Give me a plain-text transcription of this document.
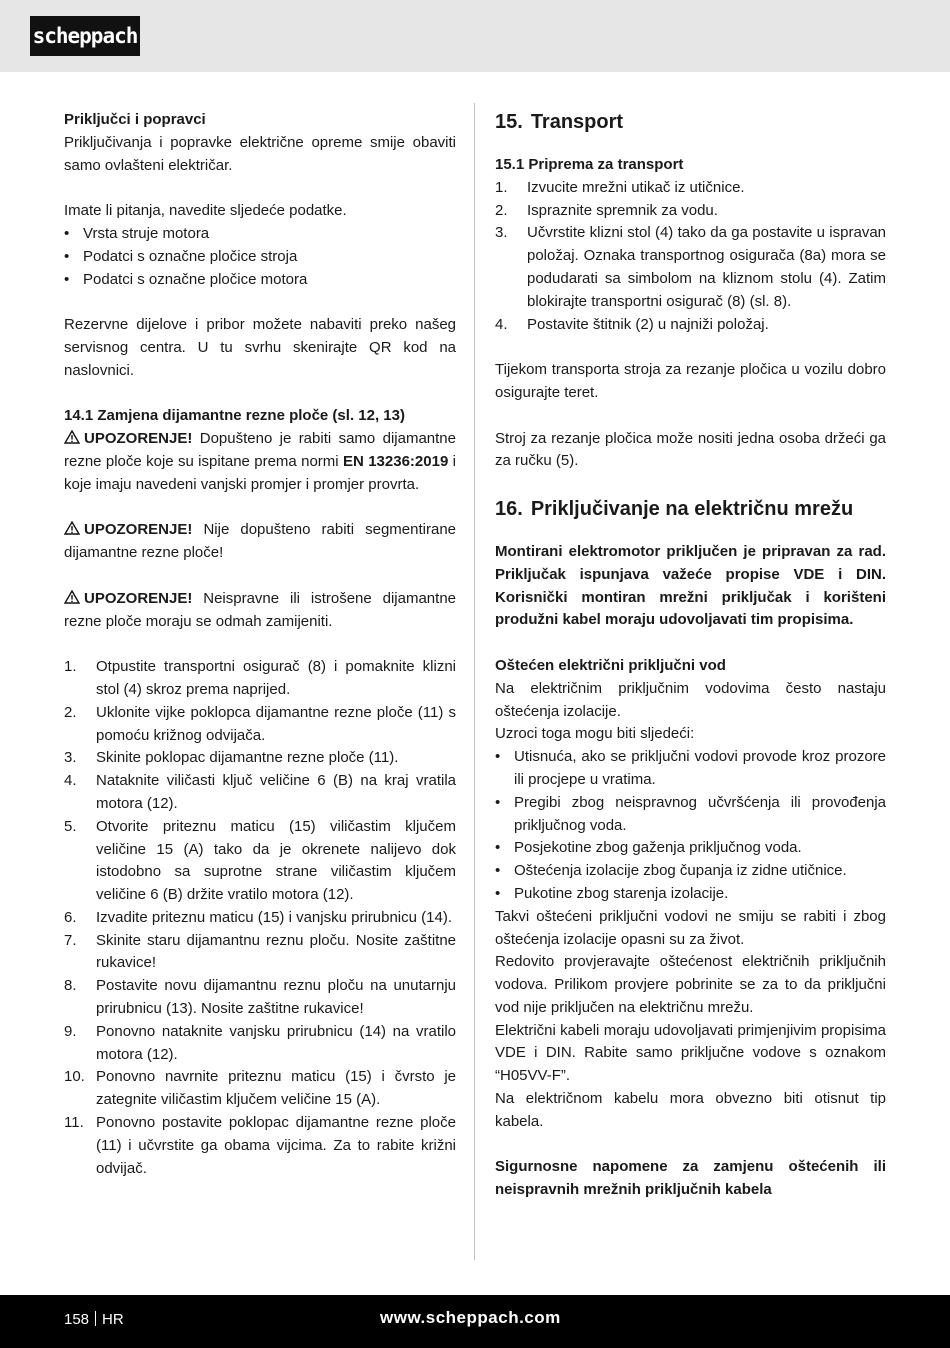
scheppach

Priključci i popravci

Priključivanja i popravke električne opreme smije obaviti samo ovlašteni električar.

Imate li pitanja, navedite sljedeće podatke.

• Vrsta struje motora
• Podatci s označne pločice stroja
• Podatci s označne pločice motora

Rezervne dijelove i pribor možete nabaviti preko našeg servisnog centra. U tu svrhu skenirajte QR kod na naslovnici.

14.1 Zamjena dijamantne rezne ploče (sl. 12, 13)

UPOZORENJE! Dopušteno je rabiti samo dijamantne rezne ploče koje su ispitane prema normi EN 13236:2019 i koje imaju navedeni vanjski promjer i promjer provrta.

UPOZORENJE! Nije dopušteno rabiti segmentirane dijamantne rezne ploče!

UPOZORENJE! Neispravne ili istrošene dijamantne rezne ploče moraju se odmah zamijeniti.

1. Otpustite transportni osigurač (8) i pomaknite klizni stol (4) skroz prema naprijed.
2. Uklonite vijke poklopca dijamantne rezne ploče (11) s pomoću križnog odvijača.
3. Skinite poklopac dijamantne rezne ploče (11).
4. Nataknite viličasti ključ veličine 6 (B) na kraj vratila motora (12).
5. Otvorite priteznu maticu (15) viličastim ključem veličine 15 (A) tako da je okrenete nalijevo dok istodobno sa suprotne strane viličastim ključem veličine 6 (B) držite vratilo motora (12).
6. Izvadite priteznu maticu (15) i vanjsku prirubnicu (14).
7. Skinite staru dijamantnu reznu ploču. Nosite zaštitne rukavice!
8. Postavite novu dijamantnu reznu ploču na unutarnju prirubnicu (13). Nosite zaštitne rukavice!
9. Ponovno nataknite vanjsku prirubnicu (14) na vratilo motora (12).
10. Ponovno navrnite priteznu maticu (15) i čvrsto je zategnite viličastim ključem veličine 15 (A).
11. Ponovno postavite poklopac dijamantne rezne ploče (11) i učvrstite ga obama vijcima. Za to rabite križni odvijač.
15. Transport

15.1 Priprema za transport

1. Izvucite mrežni utikač iz utičnice.
2. Ispraznite spremnik za vodu.
3. Učvrstite klizni stol (4) tako da ga postavite u ispravan položaj. Oznaka transportnog osigurača (8a) mora se podudarati sa simbolom na kliznom stolu (4). Zatim blokirajte transportni osigurač (8) (sl. 8).
4. Postavite štitnik (2) u najniži položaj.

Tijekom transporta stroja za rezanje pločica u vozilu dobro osigurajte teret.

Stroj za rezanje pločica može nositi jedna osoba držeći ga za ručku (5).

16. Priključivanje na električnu mrežu

Montirani elektromotor priključen je pripravan za rad. Priključak ispunjava važeće propise VDE i DIN. Korisnički montiran mrežni priključak i korišteni produžni kabel moraju udovoljavati tim propisima.

Oštećen električni priključni vod

Na električnim priključnim vodovima često nastaju oštećenja izolacije.

Uzroci toga mogu biti sljedeći:

• Utisnuća, ako se priključni vodovi provode kroz prozore ili procjepe u vratima.
• Pregibi zbog neispravnog učvršćenja ili provođenja priključnog voda.
• Posjekotine zbog gaženja priključnog voda.
• Oštećenja izolacije zbog čupanja iz zidne utičnice.
• Pukotine zbog starenja izolacije.

Takvi oštećeni priključni vodovi ne smiju se rabiti i zbog oštećenja izolacije opasni su za život.

Redovito provjeravajte oštećenost električnih priključnih vodova. Prilikom provjere pobrinite se za to da priključni vod nije priključen na električnu mrežu.

Električni kabeli moraju udovoljavati primjenjivim propisima VDE i DIN. Rabite samo priključne vodove s oznakom “H05VV-F”.

Na električnom kabelu mora obvezno biti otisnut tip kabela.

Sigurnosne napomene za zamjenu oštećenih ili neispravnih mrežnih priključnih kabela

158 HR	www.scheppach.com
